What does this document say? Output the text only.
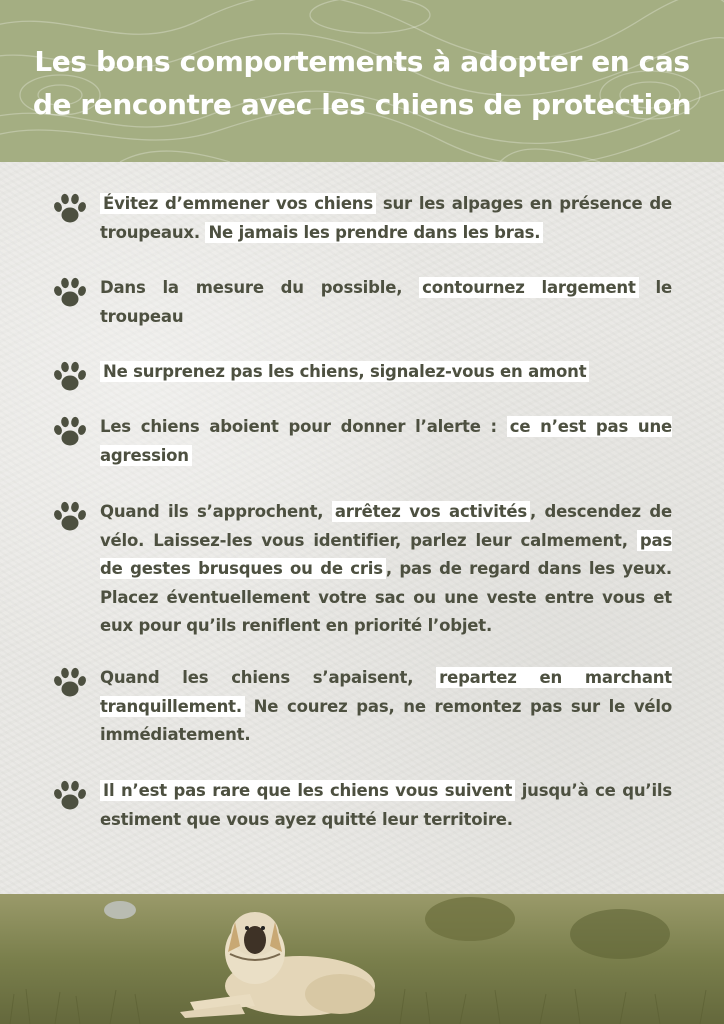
Les bons comportements à adopter en cas
de rencontre avec les chiens de protection
Évitez d’emmener vos chiens sur les alpages en présence de troupeaux. Ne jamais les prendre dans les bras.
Dans la mesure du possible, contournez largement le troupeau
Ne surprenez pas les chiens, signalez-vous en amont
Les chiens aboient pour donner l’alerte : ce n’est pas une agression
Quand ils s’approchent, arrêtez vos activités , descendez de vélo. Laissez-les vous identifier, parlez leur calmement, pas de gestes brusques ou de cris , pas de regard dans les yeux. Placez éventuellement votre sac ou une veste entre vous et eux pour qu’ils reniflent en priorité l’objet.
Quand les chiens s’apaisent, repartez en marchant tranquillement. Ne courez pas, ne remontez pas sur le vélo immédiatement.
Il n’est pas rare que les chiens vous suivent jusqu’à ce qu’ils estiment que vous ayez quitté leur territoire.
